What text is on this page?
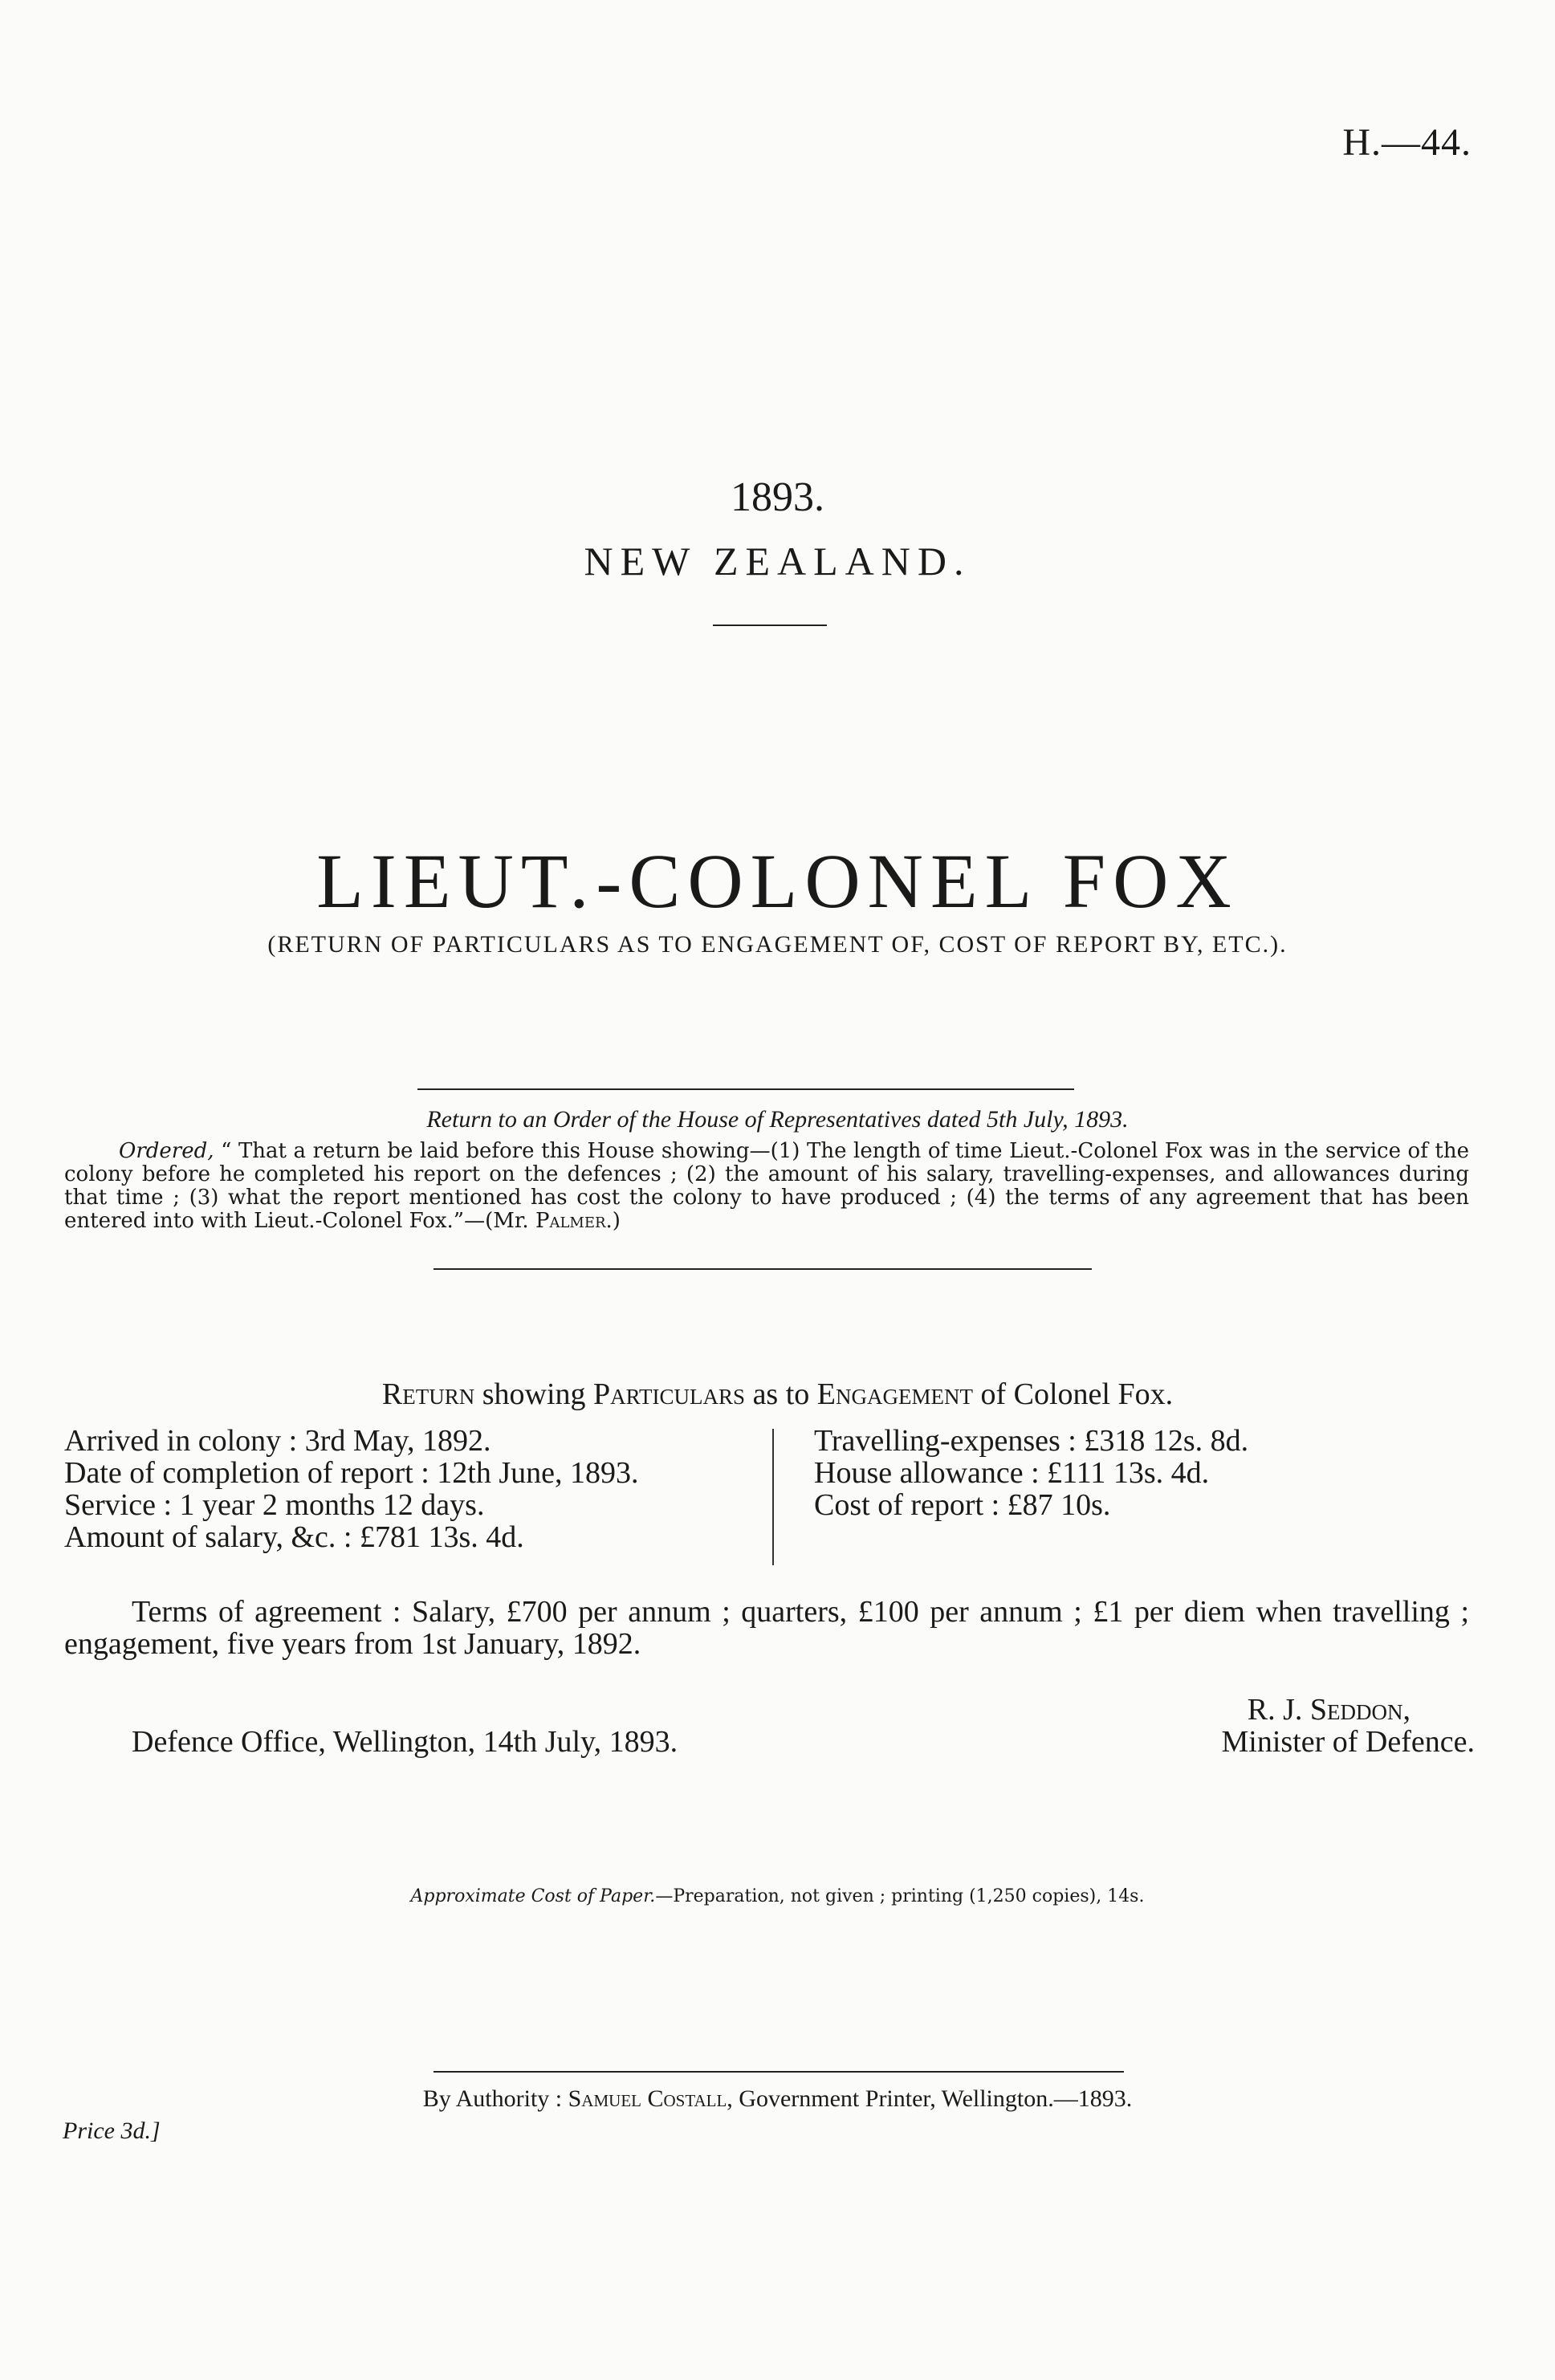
H.—44.
1893.
NEW ZEALAND.
LIEUT.-COLONEL FOX
(RETURN OF PARTICULARS AS TO ENGAGEMENT OF, COST OF REPORT BY, ETC.).
Return to an Order of the House of Representatives dated 5th July, 1893.
Ordered, “ That a return be laid before this House showing—(1) The length of time Lieut.-Colonel Fox was in the service of the colony before he completed his report on the defences ; (2) the amount of his salary, travelling-expenses, and allowances during that time ; (3) what the report mentioned has cost the colony to have produced ; (4) the terms of any agreement that has been entered into with Lieut.-Colonel Fox.”—(Mr. Palmer.)
Return showing Particulars as to Engagement of Colonel Fox.
Arrived in colony : 3rd May, 1892.
Date of completion of report : 12th June, 1893.
Service : 1 year 2 months 12 days.
Amount of salary, &c. : £781 13s. 4d.
Travelling-expenses : £318 12s. 8d.
House allowance : £111 13s. 4d.
Cost of report : £87 10s.
Terms of agreement : Salary, £700 per annum ; quarters, £100 per annum ; £1 per diem when travelling ; engagement, five years from 1st January, 1892.
R. J. Seddon,
Defence Office, Wellington, 14th July, 1893.	Minister of Defence.
Approximate Cost of Paper.—Preparation, not given ; printing (1,250 copies), 14s.
By Authority : Samuel Costall, Government Printer, Wellington.—1893.
Price 3d.]
